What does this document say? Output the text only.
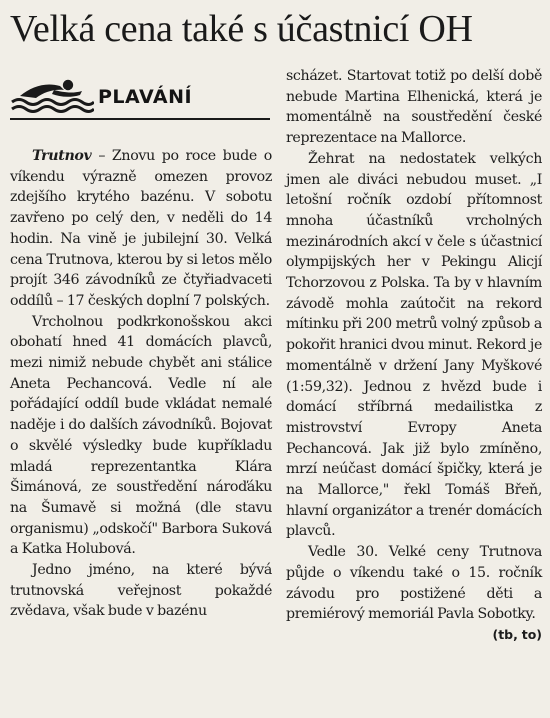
Velká cena také s účastnicí OH
PLAVÁNÍ

Trutnov – Znovu po roce bude o víkendu výrazně omezen provoz zdejšího krytého bazénu. V sobotu zavřeno po celý den, v neděli do 14 hodin. Na vině je jubilejní 30. Velká cena Trutnova, kterou by si letos mělo projít 346 závodníků ze čtyřiadvaceti oddílů – 17 českých doplní 7 polských.

Vrcholnou podkrkonošskou akci obohatí hned 41 domácích plavců, mezi nimiž nebude chybět ani stálice Aneta Pechancová. Vedle ní ale pořádající oddíl bude vkládat nemalé naděje i do dalších závodníků. Bojovat o skvělé výsledky bude kupříkladu mladá reprezentantka Klára Šimánová, ze soustředění nároďáku na Šumavě si možná (dle stavu organismu) „odskočí" Barbora Suková a Katka Holubová.

Jedno jméno, na které bývá trutnovská veřejnost pokaždé zvědava, však bude v bazénu

scházet. Startovat totiž po delší době nebude Martina Elhenická, která je momentálně na soustředění české reprezentace na Mallorce.

Žehrat na nedostatek velkých jmen ale diváci nebudou muset. „I letošní ročník ozdobí přítomnost mnoha účastníků vrcholných mezinárodních akcí v čele s účastnicí olympijských her v Pekingu Alicjí Tchorzovou z Polska. Ta by v hlavním závodě mohla zaútočit na rekord mítinku při 200 metrů volný způsob a pokořit hranici dvou minut. Rekord je momentálně v držení Jany Myškové (1:59,32). Jednou z hvězd bude i domácí stříbrná medailistka z mistrovství Evropy Aneta Pechancová. Jak již bylo zmíněno, mrzí neúčast domácí špičky, která je na Mallorce," řekl Tomáš Břeň, hlavní organizátor a trenér domácích plavců.

Vedle 30. Velké ceny Trutnova půjde o víkendu také o 15. ročník závodu pro postižené děti a premiérový memoriál Pavla Sobotky.
(tb, to)
